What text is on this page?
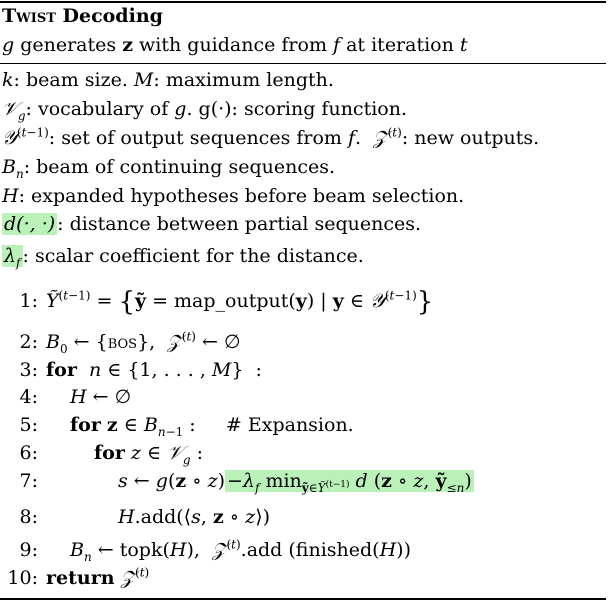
Twist Decoding
g generates z with guidance from f at iteration t
k: beam size. M: maximum length.
𝒱$_g$: vocabulary of g. g(·): scoring function.
𝒴$^{(t-1)}$: set of output sequences from f.  𝒵$^{(t)}$: new outputs.
$B_n$: beam of continuing sequences.
H: expanded hypotheses before beam selection.
d(·, ·) : distance between partial sequences.
$\lambda_f$ : scalar coefficient for the distance.
1: Ỹ$^{(t-1)}$ = {ỹ = map_output(y) | y ∈ 𝒴$^{(t-1)}$}
2: $B_0$ ← {bos},  𝒵$^{(t)}$ ← ∅
3: for n ∈ {1, . . . , M}  :
4: H ← ∅
5: for z ∈ $B_{n-1}$ :     # Expansion.
6:	for z ∈ 𝒱$_g$ :
7:	s ← g(z ∘ $z) -\lambda_f$ $\min_{ỹ\in Ỹ^{(t-1)}} d$ (z ∘ z, ỹ$_{\le n}$)
8:	H.add(⟨s, z ∘ z⟩)
9: $B_n$ ← topk(H),  𝒵$^{(t)}$.add (finished(H))
10: return 𝒵$^{(t)}$
